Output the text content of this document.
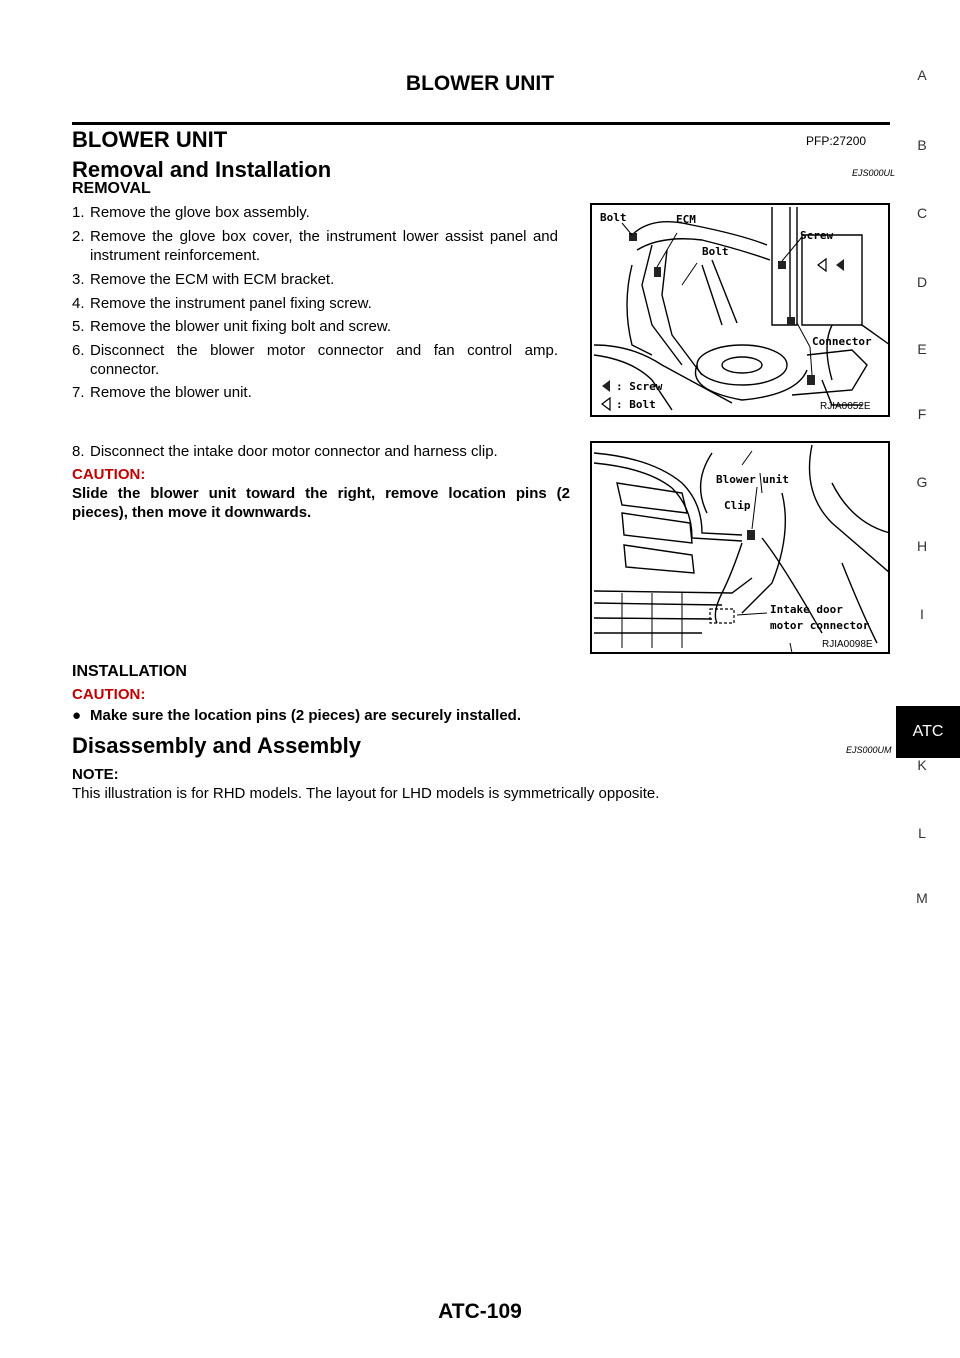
BLOWER UNIT
BLOWER UNIT	PFP:27200
Removal and Installation	EJS000UL
REMOVAL
1. Remove the glove box assembly.
2. Remove the glove box cover, the instrument lower assist panel and instrument reinforcement.
3. Remove the ECM with ECM bracket.
4. Remove the instrument panel fixing screw.
5. Remove the blower unit fixing bolt and screw.
6. Disconnect the blower motor connector and fan control amp. connector.
7. Remove the blower unit.
8. Disconnect the intake door motor connector and harness clip.
CAUTION:
Slide the blower unit toward the right, remove location pins (2 pieces), then move it downwards.
INSTALLATION
CAUTION:
● Make sure the location pins (2 pieces) are securely installed.
Disassembly and Assembly	EJS000UM
NOTE:
This illustration is for RHD models. The layout for LHD models is symmetrically opposite.
Bolt	ECM
Bolt
Screw
Connector
: Screw
: Bolt	RJIA0052E
Blower unit
Clip
Intake door
motor connector
RJIA0098E
A
B
C
D
E
F
G
H
I
ATC
K
L
M
ATC-109
